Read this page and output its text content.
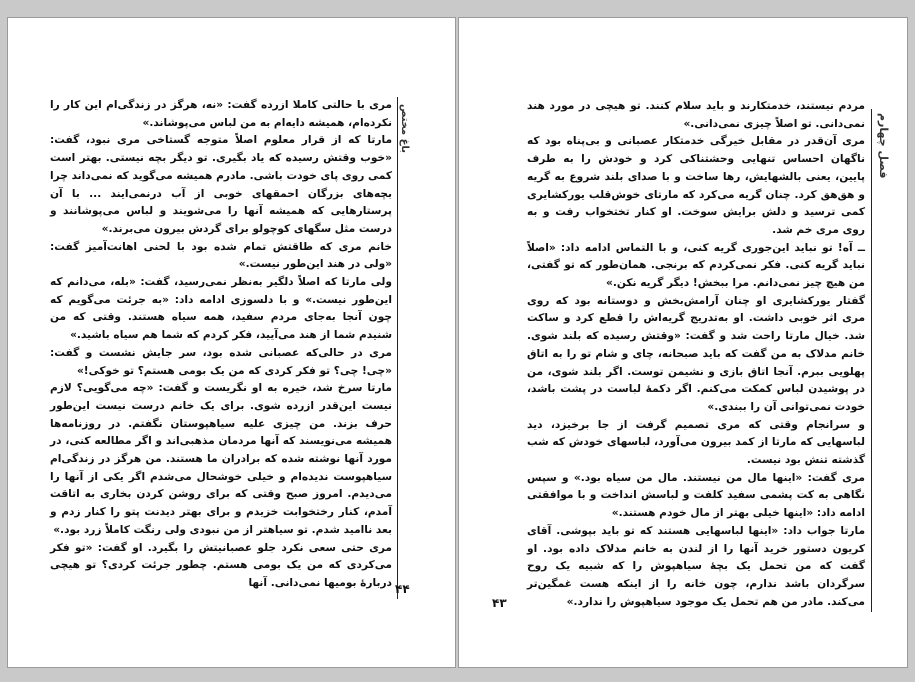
باغ مختص

مری با حالتی کاملا ازرده گفت: «نه، هرگز در زندگی‌ام این کار را نکرده‌ام، همیشه دایه‌ام به من لباس می‌پوشاند.»

مارتا که از قرار معلوم اصلاً متوجه گستاخی مری نبود، گفت: «خوب وقتش رسیده که یاد بگیری. تو دیگر بچه نیستی. بهتر است کمی روی پای خودت باشی. مادرم همیشه می‌گوید که نمی‌داند چرا بچه‌های بزرگان احمقهای خوبی از آب درنمی‌ایند ... با آن پرستارهایی که همیشه آنها را می‌شویند و لباس می‌پوشانند و درست مثل سگهای کوچولو برای گردش بیرون می‌برند.»

خانم مری که طاقتش تمام شده بود با لحنی اهانت‌آمیز گفت: «ولی در هند این‌طور نیست.»

ولی مارتا که اصلاً دلگیر به‌نظر نمی‌رسید، گفت: «بله، می‌دانم که این‌طور نیست.» و با دلسوزی ادامه داد: «به جرئت می‌گویم که چون آنجا به‌جای مردم سفید، همه سیاه هستند. وقتی که من شنیدم شما از هند می‌آیید، فکر کردم که شما هم سیاه باشید.»

مری در حالی‌که عصبانی شده بود، سر جایش نشست و گفت: «چی! چی؟ تو فکر کردی که من یک بومی هستم؟ تو خوکی!»

مارتا سرخ شد، خیره به او نگریست و گفت: «چه می‌گویی؟ لازم نیست این‌قدر ازرده شوی. برای یک خانم درست نیست این‌طور حرف بزند. من چیزی علیه سیاهپوستان نگفتم. در روزنامه‌ها همیشه می‌نویسند که آنها مردمان مذهبی‌اند و اگر مطالعه کنی، در مورد آنها نوشته شده که برادران ما هستند. من هرگز در زندگی‌ام سیاهپوست ندیده‌ام و خیلی خوشحال می‌شدم اگر یکی از آنها را می‌دیدم. امروز صبح وقتی که برای روشن کردن بخاری به اتاقت آمدم، کنار رختخوابت خزیدم و برای بهتر دیدنت پتو را کنار زدم و بعد ناامید شدم. تو سیاهتر از من نبودی ولی رنگت کاملاً زرد بود.»

مری حتی سعی نکرد جلو عصبانیتش را بگیرد. او گفت: «تو فکر می‌کردی که من یک بومی هستم. چطور جرئت کردی؟ تو هیچی دربارهٔ بومیها نمی‌دانی. آنها ۴۴
فصل چهارم

مردم نیستند، خدمتکارند و باید سلام کنند. تو هیچی در مورد هند نمی‌دانی. تو اصلاً چیزی نمی‌دانی.»

مری آن‌قدر در مقابل خیرگی خدمتکار عصبانی و بی‌پناه بود که ناگهان احساس تنهایی وحشتناکی کرد و خودش را به طرف پایین، یعنی بالشهایش، رها ساخت و با صدای بلند شروع به گریه و هق‌هق کرد. چنان گریه می‌کرد که مارتای خوش‌قلب یورکشایری کمی ترسید و دلش برایش سوخت. او کنار تختخواب رفت و به روی مری خم شد.

ــ آه! تو نباید این‌جوری گریه کنی، و با التماس ادامه داد: «اصلاً نباید گریه کنی. فکر نمی‌کردم که برنجی. همان‌طور که تو گفتی، من هیچ چیز نمی‌دانم. مرا ببخش! دیگر گریه نکن.»

گفتار یورکشایری او چنان آرامش‌بخش و دوستانه بود که روی مری اثر خوبی داشت. او به‌تدریج گریه‌اش را قطع کرد و ساکت شد. خیال مارتا راحت شد و گفت: «وقتش رسیده که بلند شوی. خانم مدلاک به من گفت که باید صبحانه، چای و شام تو را به اتاق پهلویی ببرم. آنجا اتاق بازی و نشیمن توست. اگر بلند شوی، من در پوشیدن لباس کمکت می‌کنم. اگر دکمهٔ لباست در پشت باشد، خودت نمی‌توانی آن را ببندی.»

و سرانجام وقتی که مری تصمیم گرفت از جا برخیزد، دید لباسهایی که مارتا از کمد بیرون می‌آورد، لباسهای خودش که شب گذشته تنش بود نیست.

مری گفت: «اینها مال من نیستند. مال من سیاه بود.» و سپس نگاهی به کت پشمی سفید کلفت و لباسش انداخت و با موافقتی ادامه داد: «اینها خیلی بهتر از مال خودم هستند.»

مارتا جواب داد: «اینها لباسهایی هستند که تو باید بپوشی. آقای کریون دستور خرید آنها را از لندن به خانم مدلاک داده بود. او گفت که من تحمل یک بچهٔ سیاهپوش را که شبیه یک روح سرگردان باشد ندارم، چون خانه را از اینکه هست غمگین‌تر می‌کند. مادر من هم تحمل یک موجود سیاهپوش را ندارد.»

۴۳
